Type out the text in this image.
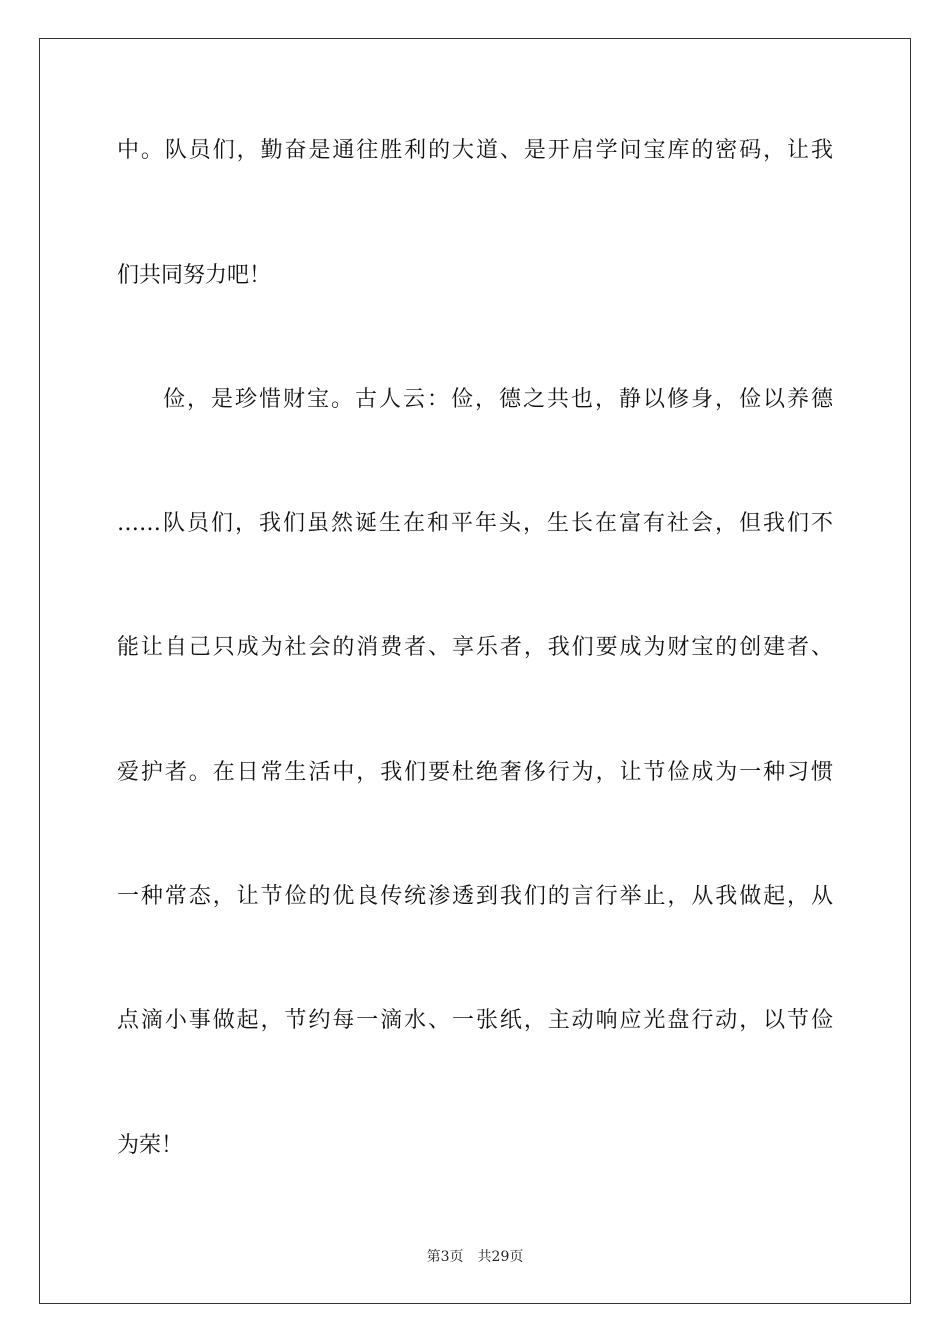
中。队员们，勤奋是通往胜利的大道、是开启学问宝库的密码，让我
们共同努力吧！
俭，是珍惜财宝。古人云：俭，德之共也，静以修身，俭以养德
……队员们，我们虽然诞生在和平年头，生长在富有社会，但我们不
能让自己只成为社会的消费者、享乐者，我们要成为财宝的创建者、
爱护者。在日常生活中，我们要杜绝奢侈行为，让节俭成为一种习惯
一种常态，让节俭的优良传统渗透到我们的言行举止，从我做起，从
点滴小事做起，节约每一滴水、一张纸，主动响应光盘行动，以节俭
为荣！
第3页 共29页
